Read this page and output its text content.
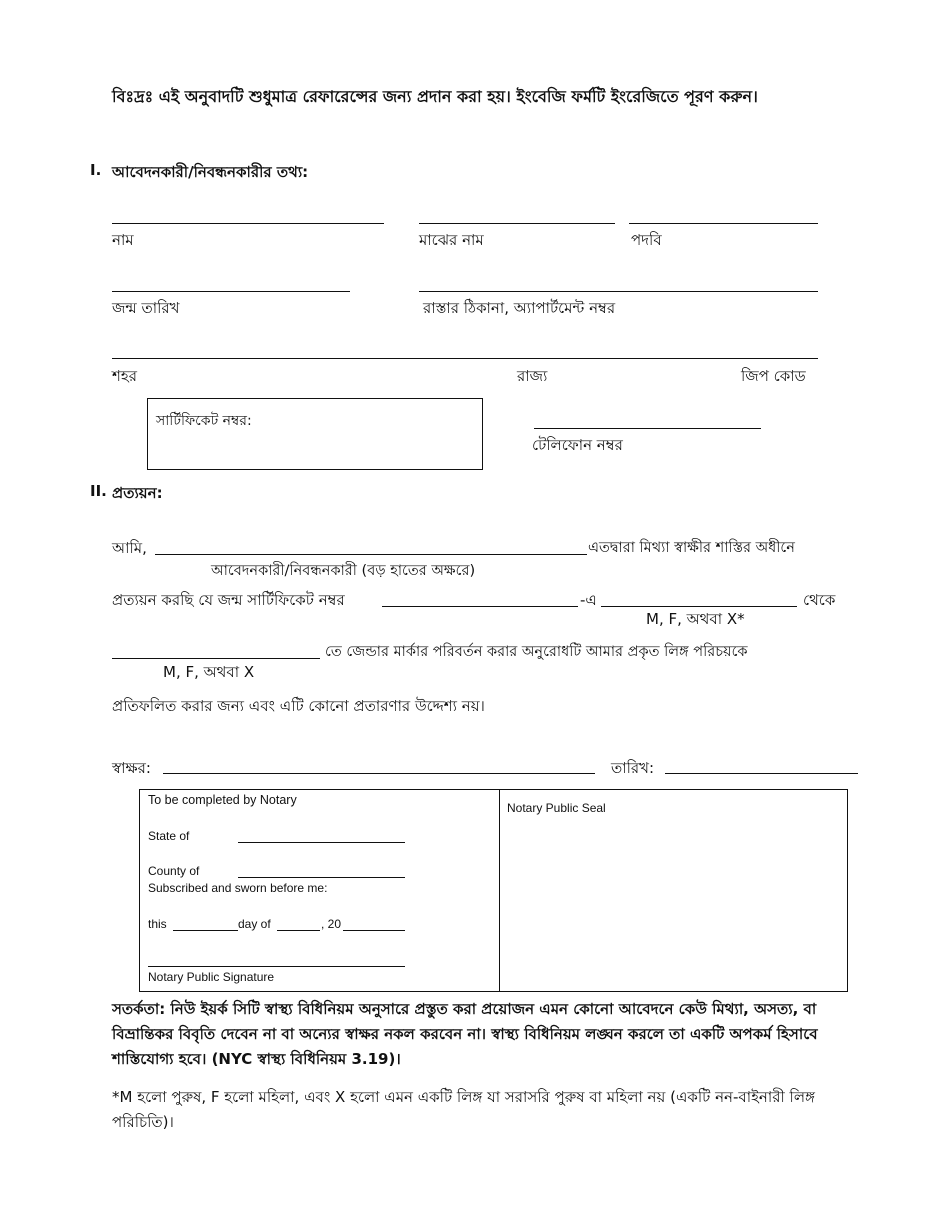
বিঃদ্রঃ এই অনুবাদটি শুধুমাত্র রেফারেন্সের জন্য প্রদান করা হয়। ইংবেজি ফর্মটি ইংরেজিতে পূরণ করুন।
I. আবেদনকারী/নিবন্ধনকারীর তথ্য:
নাম	মাঝের নাম	পদবি
জন্ম তারিখ	রাস্তার ঠিকানা, অ্যাপার্টমেন্ট নম্বর
শহর	রাজ্য	জিপ কোড
সার্টিফিকেট নম্বর:
টেলিফোন নম্বর
II. প্রত্যয়ন:
আমি,	এতদ্বারা মিথ্যা স্বাক্ষীর শাস্তির অধীনে
আবেদনকারী/নিবন্ধনকারী (বড় হাতের অক্ষরে)
প্রত্যয়ন করছি যে জন্ম সার্টিফিকেট নম্বর	-এ	থেকে
M, F, অথবা X*
তে জেন্ডার মার্কার পরিবর্তন করার অনুরোধটি আমার প্রকৃত লিঙ্গ পরিচয়কে
M, F, অথবা X
প্রতিফলিত করার জন্য এবং এটি কোনো প্রতারণার উদ্দেশ্য নয়।
স্বাক্ষর:	তারিখ:
To be completed by Notary
State of
County of
Subscribed and sworn before me:
this	day of	, 20
Notary Public Signature
Notary Public Seal
সতর্কতা: নিউ ইয়র্ক সিটি স্বাস্থ্য বিধিনিয়ম অনুসারে প্রস্তুত করা প্রয়োজন এমন কোনো আবেদনে কেউ মিথ্যা, অসত্য, বা বিভ্রান্তিকর বিবৃতি দেবেন না বা অন্যের স্বাক্ষর নকল করবেন না। স্বাস্থ্য বিধিনিয়ম লঙ্ঘন করলে তা একটি অপকর্ম হিসাবে শাস্তিযোগ্য হবে। (NYC স্বাস্থ্য বিধিনিয়ম 3.19)।
*M হলো পুরুষ, F হলো মহিলা, এবং X হলো এমন একটি লিঙ্গ যা সরাসরি পুরুষ বা মহিলা নয় (একটি নন-বাইনারী লিঙ্গ পরিচিতি)।
